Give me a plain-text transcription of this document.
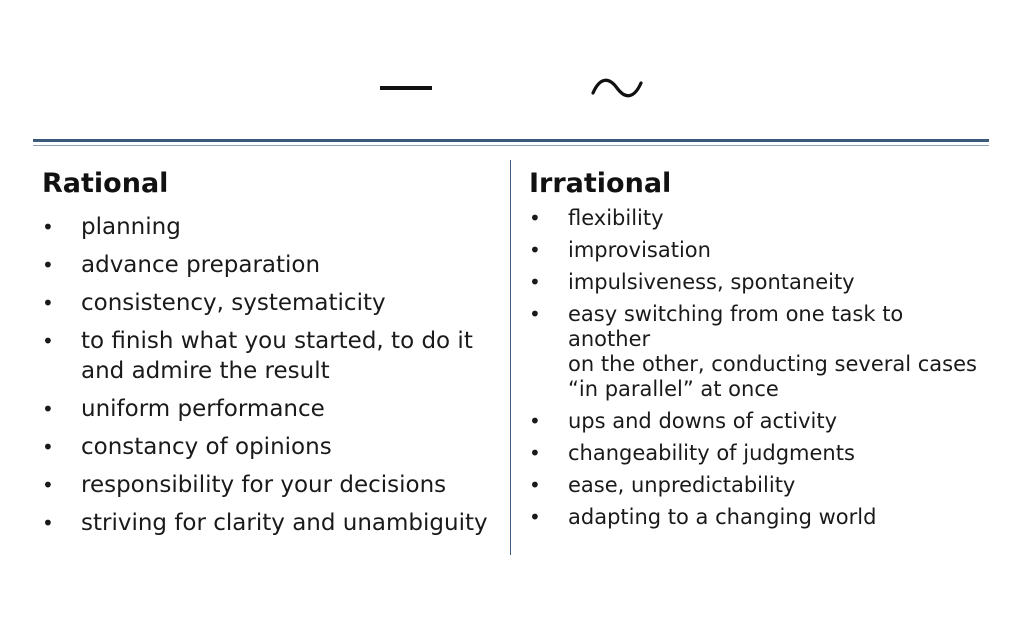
Rational
•	planning
•	advance preparation
•	consistency, systematicity
•	to finish what you started, to do it
and admire the result
•	uniform performance
•	constancy of opinions
•	responsibility for your decisions
•	striving for clarity and unambiguity
Irrational
•	flexibility
•	improvisation
•	impulsiveness, spontaneity
•	easy switching from one task to
another
on the other, conducting several cases
“in parallel” at once
•	ups and downs of activity
•	changeability of judgments
•	ease, unpredictability
•	adapting to a changing world
